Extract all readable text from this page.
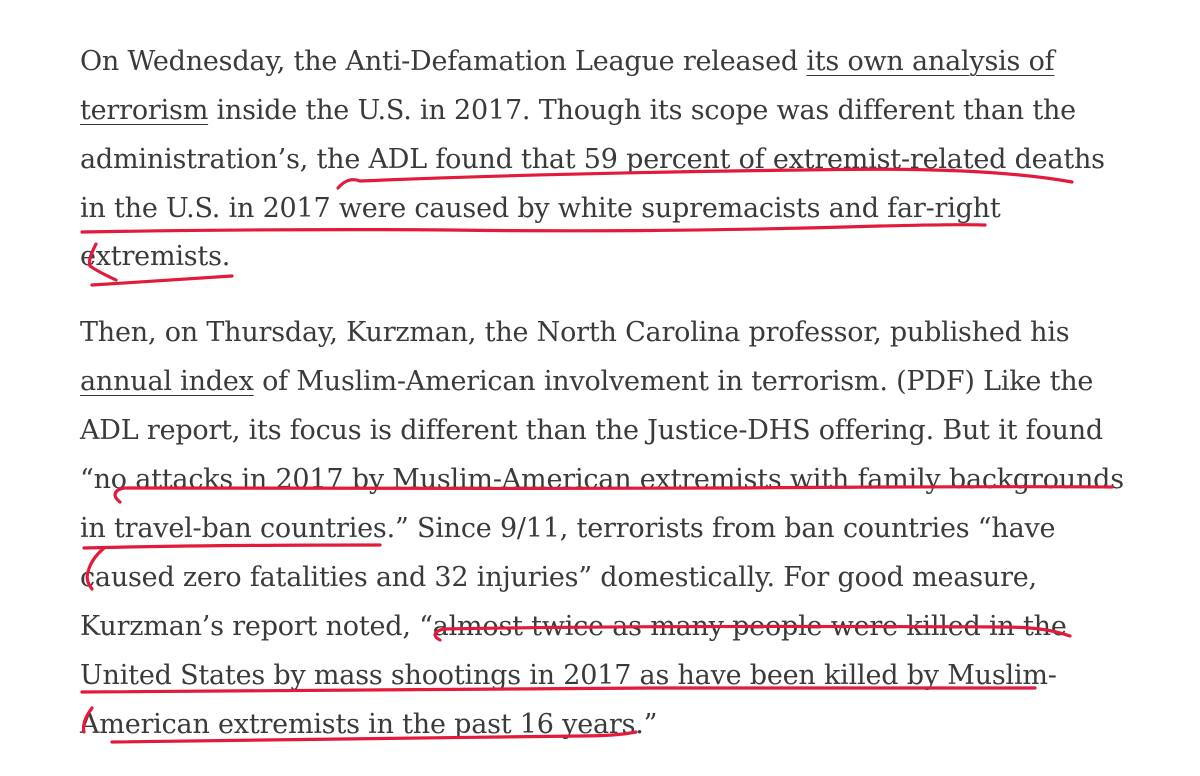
On Wednesday, the Anti-Defamation League released its own analysis of
terrorism inside the U.S. in 2017. Though its scope was different than the
administration’s, the ADL found that 59 percent of extremist-related deaths
in the U.S. in 2017 were caused by white supremacists and far-right
extremists.
Then, on Thursday, Kurzman, the North Carolina professor, published his
annual index of Muslim-American involvement in terrorism. (PDF) Like the
ADL report, its focus is different than the Justice-DHS offering. But it found
“no attacks in 2017 by Muslim-American extremists with family backgrounds
in travel-ban countries.” Since 9/11, terrorists from ban countries “have
caused zero fatalities and 32 injuries” domestically. For good measure,
Kurzman’s report noted, “almost twice as many people were killed in the
United States by mass shootings in 2017 as have been killed by Muslim-
American extremists in the past 16 years.”
